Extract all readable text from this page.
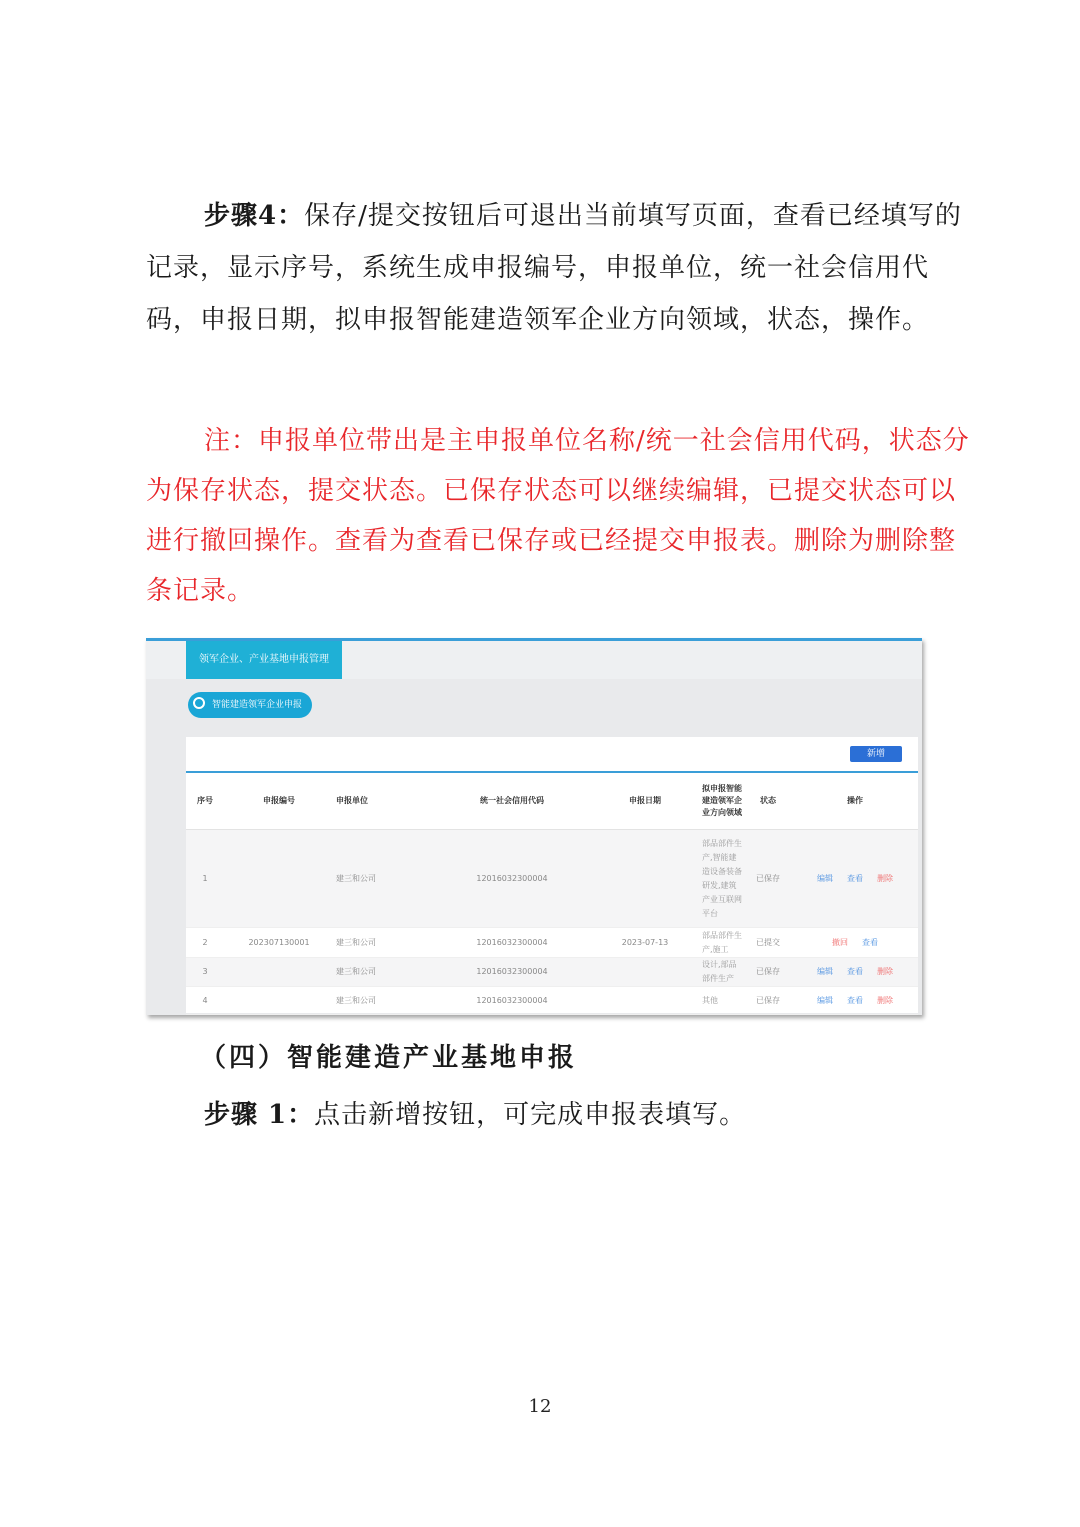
步骤4：保存/提交按钮后可退出当前填写页面，查看已经填写的记录，显示序号，系统生成申报编号，申报单位，统一社会信用代码，申报日期，拟申报智能建造领军企业方向领域，状态，操作。

注：申报单位带出是主申报单位名称/统一社会信用代码，状态分为保存状态，提交状态。已保存状态可以继续编辑，已提交状态可以进行撤回操作。查看为查看已保存或已经提交申报表。删除为删除整条记录。

领军企业、产业基地申报管理
智能建造领军企业申报
新增
序号	申报编号	申报单位	统一社会信用代码	申报日期	拟申报智能建造领军企业方向领域	状态	操作
1		建三和公司	12016032300004		部品部件生产,智能建造设备装备研发,建筑产业互联网平台	已保存	编辑 查看 删除
2	202307130001	建三和公司	12016032300004	2023-07-13	部品部件生产,施工	已提交	撤回 查看
3		建三和公司	12016032300004		设计,部品部件生产	已保存	编辑 查看 删除
4		建三和公司	12016032300004		其他	已保存	编辑 查看 删除

（四）智能建造产业基地申报

步骤 1：点击新增按钮，可完成申报表填写。

12
